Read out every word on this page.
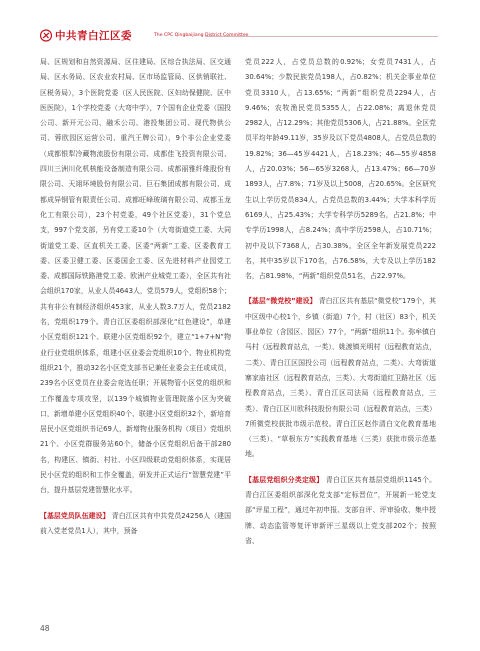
中共青白江区委	The CPC Qingbaijiang District Committee

局、区规划和自然资源局、区住建局、区综合执法局、区交通局、区水务局、区农业农村局、区市场监管局、区供销联社、区税务局），3个医院党委（区人民医院、区妇幼保健院、区中医医院），1个学校党委（大弯中学），7个国有企业党委（国投公司、新开元公司、融禾公司、港投集团公司、现代物供公司、蓉欧园区运营公司、重汽王牌公司），9个非公企业党委（成都银犁冷藏物流股份有限公司、成都佳飞投资有限公司、四川三洲川化机核能设备制造有限公司、成都丽雅纤维股份有限公司、天翊环境股份有限公司、巨石集团成都有限公司、成都成异钢管有限责任公司、成都旺峰玻璃有限公司、成都玉龙化工有限公司），23个村党委，49个社区党委），31个党总支，997个党支部，另有党工委10个（大弯街道党工委、大同街道党工委、区直机关工委、区委“两新”工委、区委教育工委、区委卫健工委、区委国企工委、区先进材料产业园党工委、成都国际铁路港党工委、欧洲产业城党工委），全区共有社会组织170家，从业人员4643人，党员579人，党组织58个；共有非公有制经济组织453家，从业人数3.7万人，党员2182名，党组织179个。青白江区委组织部深化“红色建设”，单建小区党组织121个、联建小区党组织92个，建立“1+7+N”物业行业党组织体系，组建小区业委会党组织10个、物业机构党组织21个，推动32名小区党支部书记兼任业委会主任或成员，239名小区党员在业委会竞选任职；开展物管小区党的组织和工作覆盖专项攻坚，以139个城镇物业管理院落小区为突破口，新增单建小区党组织40个、联建小区党组织32个，新培育居民小区党组织书记69人，新增物业服务机构（项目）党组织21个、小区党群服务站60个，储备小区党组织后备干部280名，构建区、镇街、村社、小区四级联动党组织体系，实现居民小区党的组织和工作全覆盖，研发并正式运行“智慧党建”平台，提升基层党建智慧化水平。

【基层党员队伍建设】 青白江区共有中共党员24256人（建国前入党老党员1人），其中，预备

党员222人，占党员总数的0.92%；女党员7431人，占30.64%；少数民族党员198人，占0.82%；机关企事业单位党员3310人，占13.65%；“两新”组织党员2294人，占9.46%；农牧渔民党员5355人，占22.08%；离退休党员2982人，占12.29%；其他党员5306人，占21.88%。全区党员平均年龄49.11岁，35岁及以下党员4808人，占党员总数的19.82%；36—45岁4421人，占18.23%；46—55岁4858人，占20.03%；56—65岁3268人，占13.47%；66—70岁1893人，占7.8%；71岁及以上5008，占20.65%。全区研究生以上学历党员834人，占党员总数的3.44%；大学本科学历6169人，占25.43%；大学专科学历5289名，占21.8%；中专学历1998人，占8.24%；高中学历2598人，占10.71%；初中及以下7368人，占30.38%。全区全年新发展党员222名，其中35岁以下170名，占76.58%，大专及以上学历182名，占81.98%，“两新”组织党员51名，占22.97%。

【基层“微党校”建设】 青白江区共有基层“微党校”179个，其中区级中心校1个，乡镇（街道）7个，村（社区）83个，机关事业单位（含园区、园区）77个，“两新”组织11个。弥牟镇白马村（远程教育站点，一类）、姚渡镇光明村（远程教育站点，二类）、青白江区国投公司（远程教育站点，二类）、大弯街道寨家庙社区（远程教育站点，三类）、大弯街道红卫路社区（远程教育站点，三类）、青白江区司法局（远程教育站点，三类）、青白江区川欧科技股份有限公司（远程教育站点，三类）7所微党校获批市级示范校。青白江区赵作清白文化教育基地（三类）、“草根东方”实践教育基地（三类）获批市级示范基地。

【基层党组织分类定级】 青白江区共有基层党组织1145个。青白江区委组织部深化党支部“定标晋位”，开展新一轮党支部“评星工程”，通过年初申报、支部自评、评审验收、集中授牌、动态监管等复评审新评三星级以上党支部202个；按照省、

48
